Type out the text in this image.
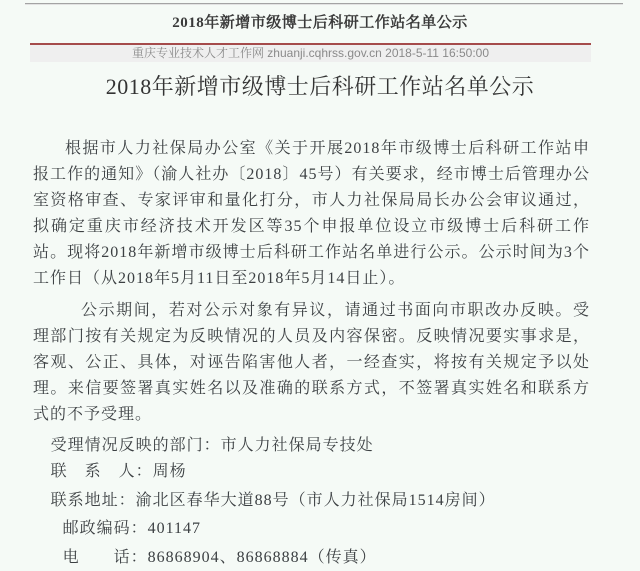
2018年新增市级博士后科研工作站名单公示
重庆专业技术人才工作网 zhuanji.cqhrss.gov.cn 2018-5-11 16:50:00
2018年新增市级博士后科研工作站名单公示

根据市人力社保局办公室《关于开展2018年市级博士后科研工作站申报工作的通知》（渝人社办〔2018〕45号）有关要求，经市博士后管理办公室资格审查、专家评审和量化打分，市人力社保局局长办公会审议通过，拟确定重庆市经济技术开发区等35个申报单位设立市级博士后科研工作站。现将2018年新增市级博士后科研工作站名单进行公示。公示时间为3个工作日（从2018年5月11日至2018年5月14日止）。

公示期间，若对公示对象有异议，请通过书面向市职改办反映。受理部门按有关规定为反映情况的人员及内容保密。反映情况要实事求是，客观、公正、具体，对诬告陷害他人者，一经查实，将按有关规定予以处理。来信要签署真实姓名以及准确的联系方式，不签署真实姓名和联系方式的不予受理。

受理情况反映的部门：市人力社保局专技处

联　系　人：周杨

联系地址：渝北区春华大道88号（市人力社保局1514房间）

邮政编码：401147

电　　话：86868904、86868884（传真）
